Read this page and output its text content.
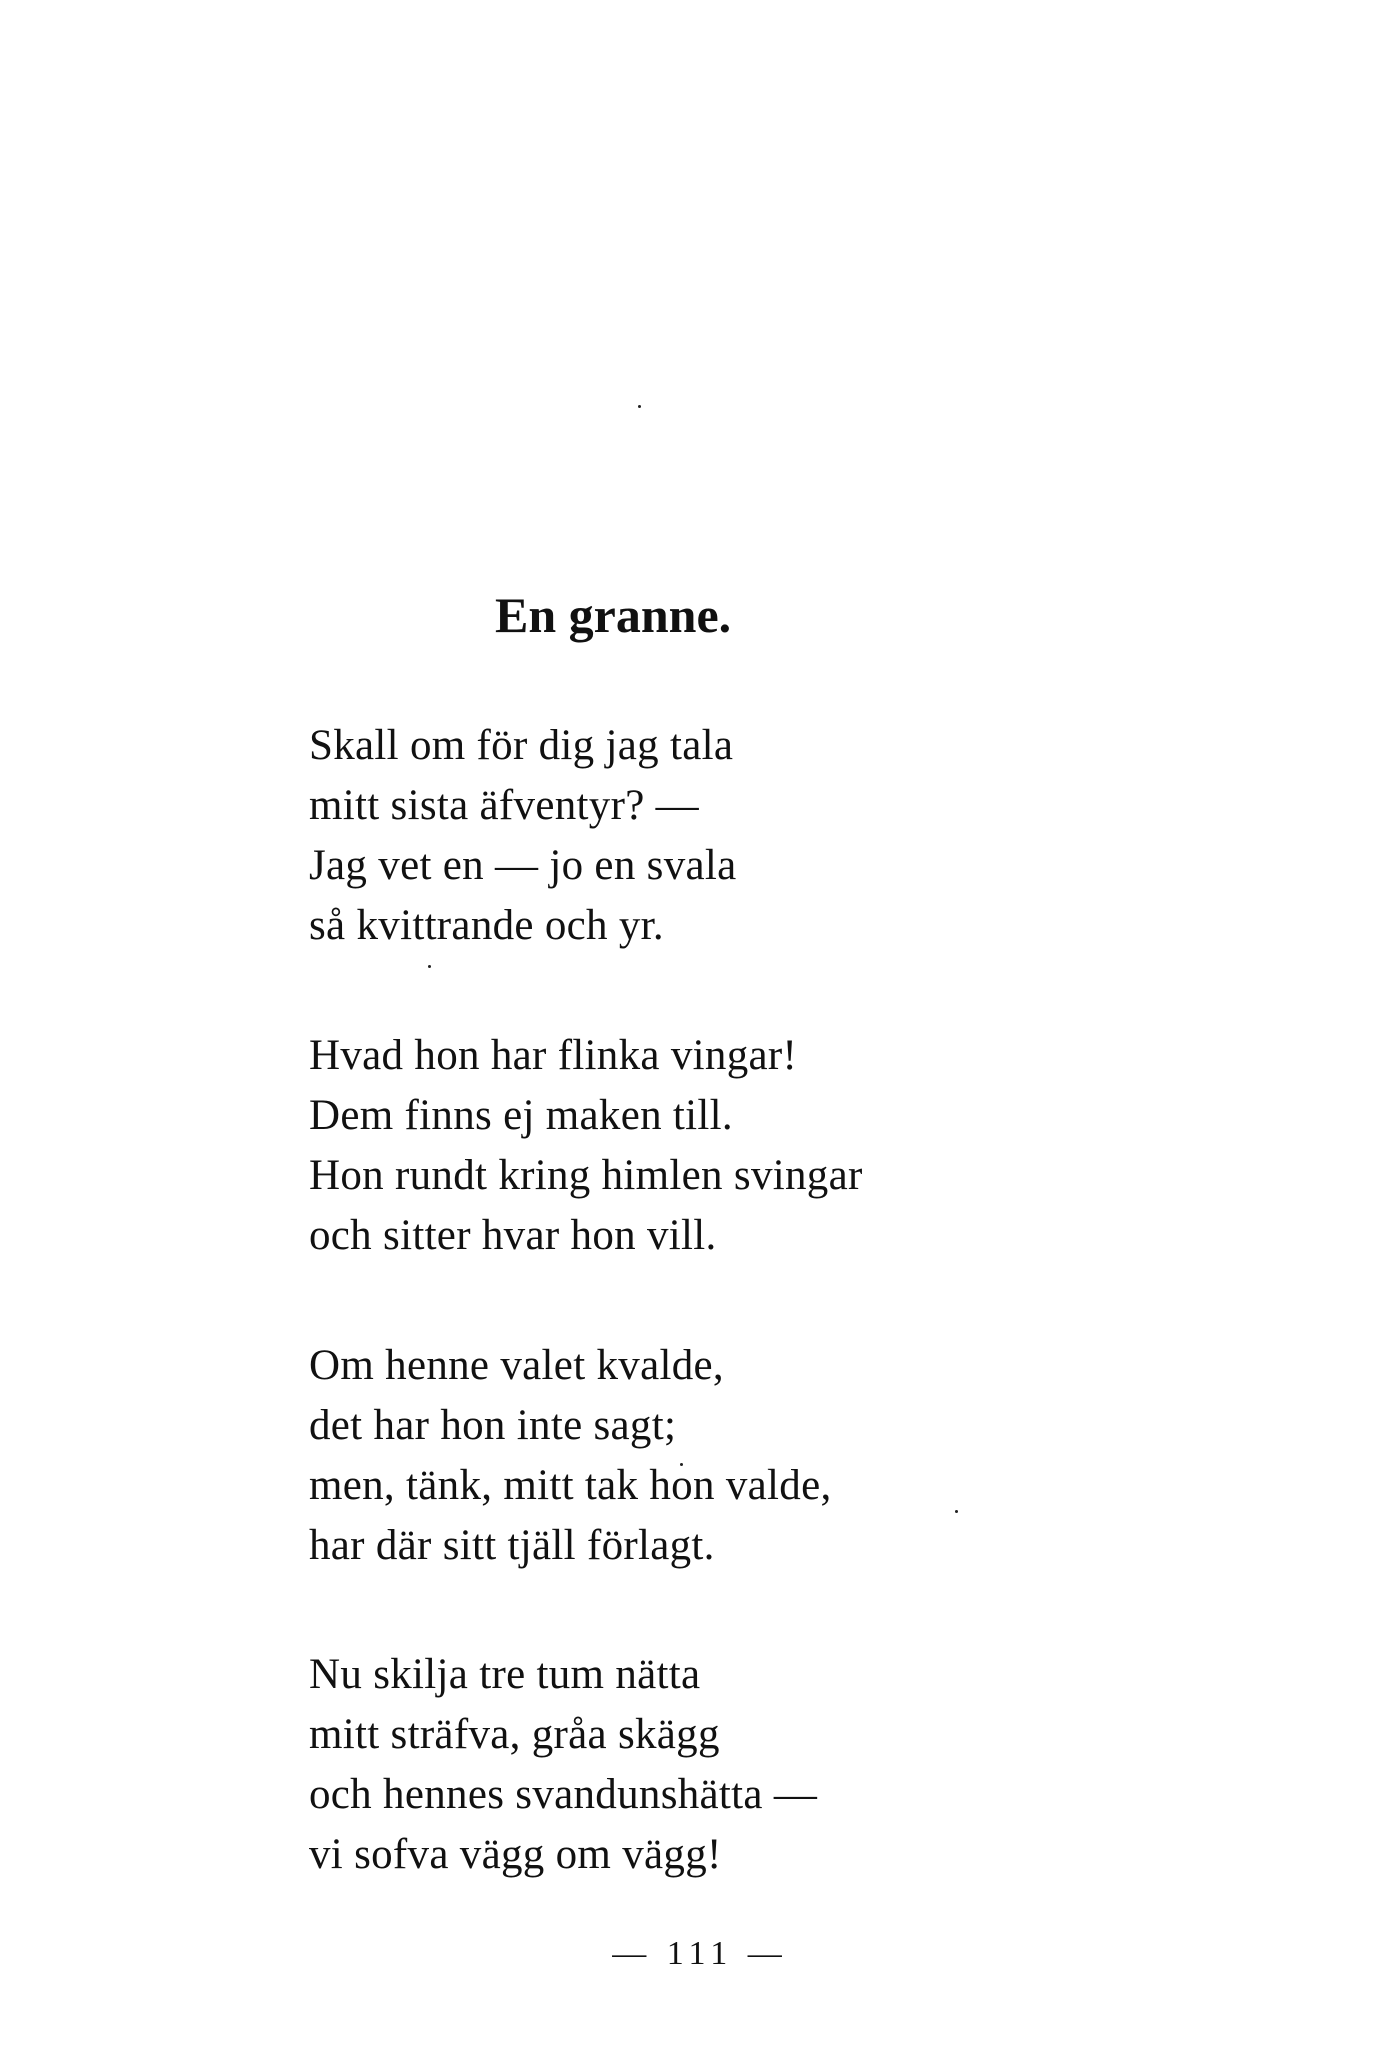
En granne.
Skall om för dig jag tala
mitt sista äfventyr? —
Jag vet en — jo en svala
så kvittrande och yr.
Hvad hon har flinka vingar!
Dem finns ej maken till.
Hon rundt kring himlen svingar
och sitter hvar hon vill.
Om henne valet kvalde,
det har hon inte sagt;
men, tänk, mitt tak hon valde,
har där sitt tjäll förlagt.
Nu skilja tre tum nätta
mitt sträfva, gråa skägg
och hennes svandunshätta —
vi sofva vägg om vägg!

— 111 —
